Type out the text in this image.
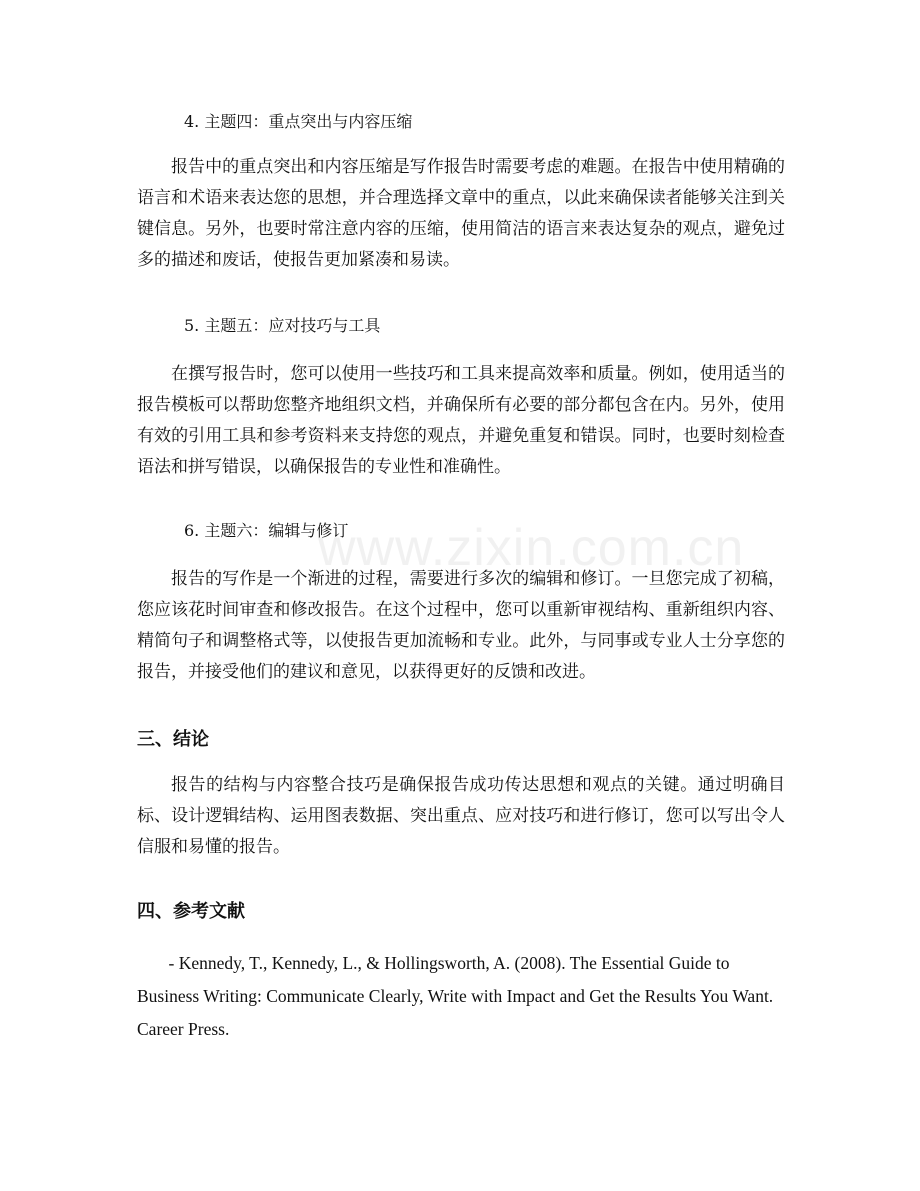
www.zixin.com.cn
4. 主题四：重点突出与内容压缩

报告中的重点突出和内容压缩是写作报告时需要考虑的难题。在报告中使用精确的语言和术语来表达您的思想，并合理选择文章中的重点，以此来确保读者能够关注到关键信息。另外，也要时常注意内容的压缩，使用简洁的语言来表达复杂的观点，避免过多的描述和废话，使报告更加紧凑和易读。

5. 主题五：应对技巧与工具

在撰写报告时，您可以使用一些技巧和工具来提高效率和质量。例如，使用适当的报告模板可以帮助您整齐地组织文档，并确保所有必要的部分都包含在内。另外，使用有效的引用工具和参考资料来支持您的观点，并避免重复和错误。同时，也要时刻检查语法和拼写错误，以确保报告的专业性和准确性。

6. 主题六：编辑与修订

报告的写作是一个渐进的过程，需要进行多次的编辑和修订。一旦您完成了初稿，您应该花时间审查和修改报告。在这个过程中，您可以重新审视结构、重新组织内容、精简句子和调整格式等，以使报告更加流畅和专业。此外，与同事或专业人士分享您的报告，并接受他们的建议和意见，以获得更好的反馈和改进。

三、结论

报告的结构与内容整合技巧是确保报告成功传达思想和观点的关键。通过明确目标、设计逻辑结构、运用图表数据、突出重点、应对技巧和进行修订，您可以写出令人信服和易懂的报告。

四、参考文献

- Kennedy, T., Kennedy, L., & Hollingsworth, A. (2008). The Essential Guide to Business Writing: Communicate Clearly, Write with Impact and Get the Results You Want. Career Press.
